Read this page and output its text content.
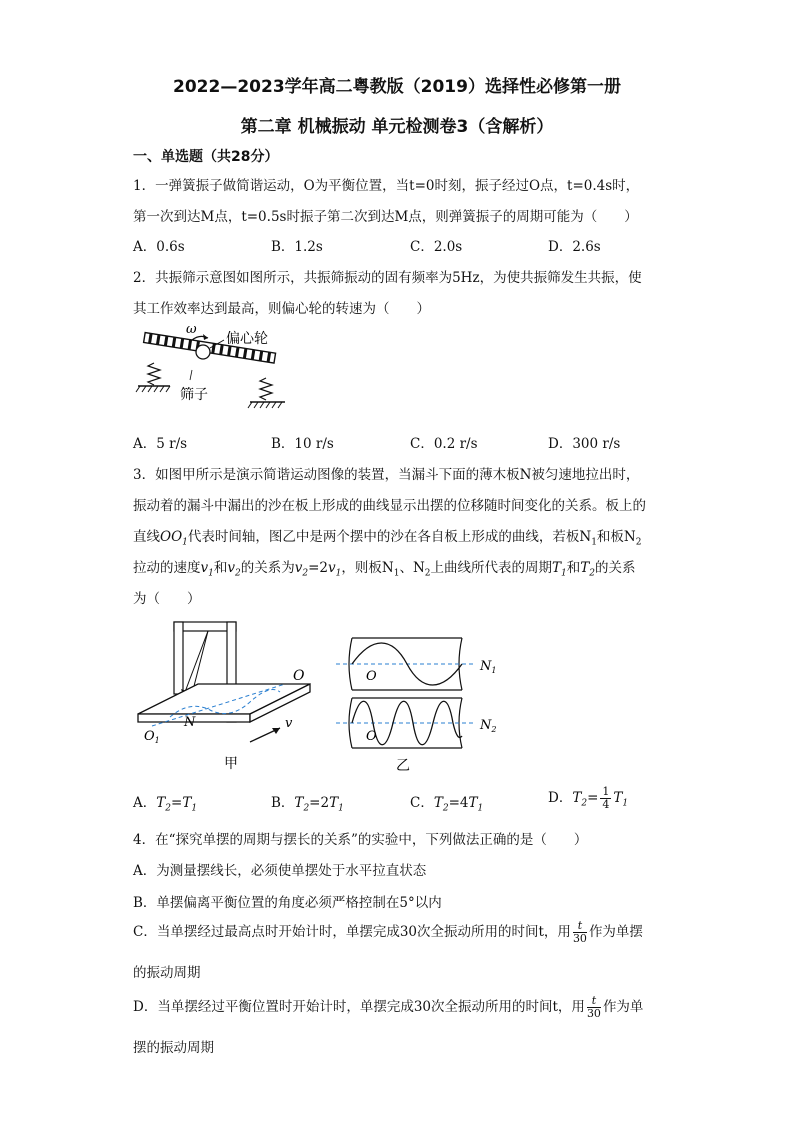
2022—2023学年高二粤教版（2019）选择性必修第一册
第二章 机械振动 单元检测卷3（含解析）
一、单选题（共28分）
1．一弹簧振子做简谐运动，O为平衡位置，当t=0时刻，振子经过O点，t=0.4s时，
第一次到达M点，t=0.5s时振子第二次到达M点，则弹簧振子的周期可能为（　　）
A．0.6s	B．1.2s	C．2.0s	D．2.6s
2．共振筛示意图如图所示，共振筛振动的固有频率为5Hz，为使共振筛发生共振，使
其工作效率达到最高，则偏心轮的转速为（　　）
ω
偏心轮
筛子
A．5 r/s	B．10 r/s	C．0.2 r/s	D．300 r/s
3．如图甲所示是演示简谐运动图像的装置，当漏斗下面的薄木板N被匀速地拉出时，
振动着的漏斗中漏出的沙在板上形成的曲线显示出摆的位移随时间变化的关系。板上的
直线$OO_1$代表时间轴，图乙中是两个摆中的沙在各自板上形成的曲线，若板$N_1$和板$N_2$
拉动的速度$v_1$和$v_2$的关系为$v_2=2v_1$，则板$N_1$、$N_2$上曲线所代表的周期$T_1$和$T_2$的关系
为（　　）
v
O
N
$O_1$
甲
O
$N_1$
O
$N_2$
乙
A．$T_2=T_1$	B．$T_2=2T_1$	C．$T_2=4T_1$
D．$T_2= \frac{1}{4} T_1$
4．在“探究单摆的周期与摆长的关系”的实验中，下列做法正确的是（　　）
A．为测量摆线长，必须使单摆处于水平拉直状态
B．单摆偏离平衡位置的角度必须严格控制在5°以内
C．当单摆经过最高点时开始计时，单摆完成30次全振动所用的时间t，用 $\frac{t}{30}$ 作为单摆
的振动周期
D．当单摆经过平衡位置时开始计时，单摆完成30次全振动所用的时间t，用 $\frac{t}{30}$ 作为单
摆的振动周期
